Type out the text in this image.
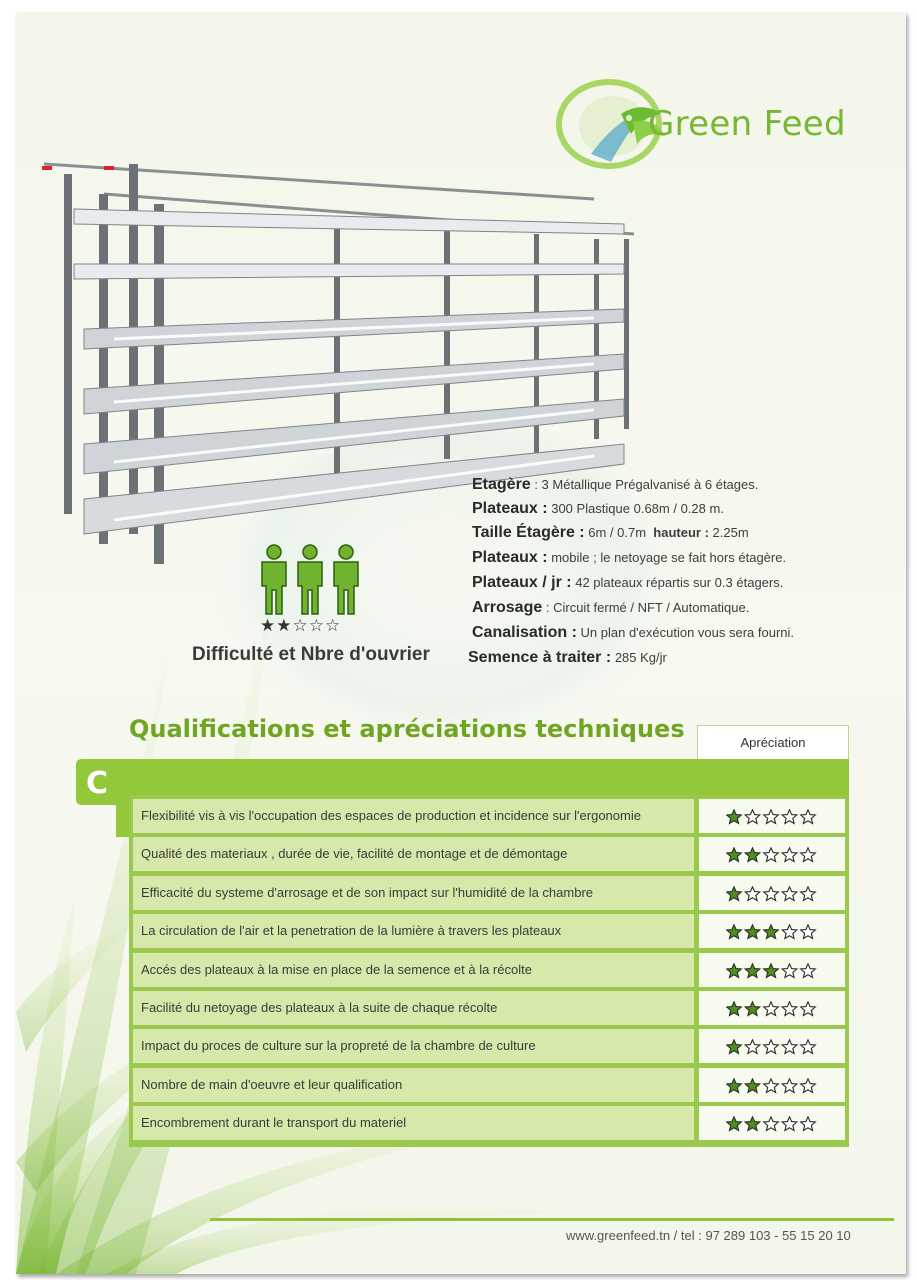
Green Feed
Etagère : 3 Métallique Prégalvanisé à 6 étages.
Plateaux : 300 Plastique 0.68m / 0.28 m.
Taille Étagère : 6m / 0.7m hauteur : 2.25m
Plateaux : mobile ; le netoyage se fait hors étagère.
Plateaux / jr : 42 plateaux répartis sur 0.3 étagers.
Arrosage : Circuit fermé / NFT / Automatique.
Canalisation : Un plan d'exécution vous sera fourni.
Semence à traiter : 285 Kg/jr
★★☆☆☆
Difficulté et Nbre d'ouvrier
Qualifications et apréciations techniques	Apréciation
C
Flexibilité vis à vis l'occupation des espaces de production et incidence sur l'ergonomie
Qualité des materiaux , durée de vie, facilité de montage et de démontage
Efficacité du systeme d'arrosage et de son impact sur l'humidité de la chambre
La circulation de l'air et la penetration de la lumière à travers les plateaux
Accés des plateaux à la mise en place de la semence et à la récolte
Facilité du netoyage des plateaux à la suite de chaque récolte
Impact du proces de culture sur la propreté de la chambre de culture
Nombre de main d'oeuvre et leur qualification
Encombrement durant le transport du materiel
www.greenfeed.tn / tel : 97 289 103 - 55 15 20 10
